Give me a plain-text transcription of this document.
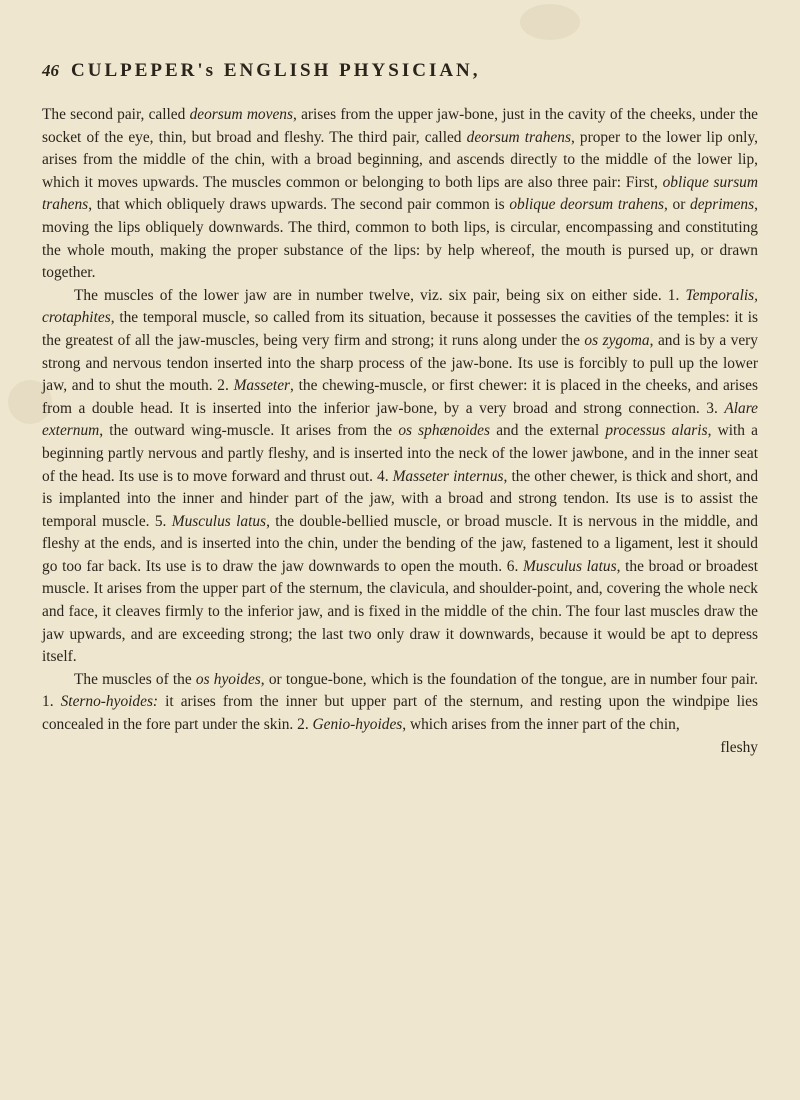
46 CULPEPER's ENGLISH PHYSICIAN,

The second pair, called deorsum movens, arises from the upper jaw-bone, just in the cavity of the cheeks, under the socket of the eye, thin, but broad and fleshy. The third pair, called deorsum trahens, proper to the lower lip only, arises from the middle of the chin, with a broad beginning, and ascends directly to the middle of the lower lip, which it moves upwards. The muscles common or belonging to both lips are also three pair: First, oblique sursum trahens, that which obliquely draws upwards. The second pair common is oblique deorsum trahens, or deprimens, moving the lips obliquely downwards. The third, common to both lips, is circular, encompassing and constituting the whole mouth, making the proper substance of the lips: by help whereof, the mouth is pursed up, or drawn together.

The muscles of the lower jaw are in number twelve, viz. six pair, being six on either side. 1. Temporalis, crotaphites, the temporal muscle, so called from its situation, because it possesses the cavities of the temples: it is the greatest of all the jaw-muscles, being very firm and strong; it runs along under the os zygoma, and is by a very strong and nervous tendon inserted into the sharp process of the jaw-bone. Its use is forcibly to pull up the lower jaw, and to shut the mouth. 2. Masseter, the chewing-muscle, or first chewer: it is placed in the cheeks, and arises from a double head. It is inserted into the inferior jaw-bone, by a very broad and strong connection. 3. Alare externum, the outward wing-muscle. It arises from the os sphænoides and the external processus alaris, with a beginning partly nervous and partly fleshy, and is inserted into the neck of the lower jawbone, and in the inner seat of the head. Its use is to move forward and thrust out. 4. Masseter internus, the other chewer, is thick and short, and is implanted into the inner and hinder part of the jaw, with a broad and strong tendon. Its use is to assist the temporal muscle. 5. Musculus latus, the double-bellied muscle, or broad muscle. It is nervous in the middle, and fleshy at the ends, and is inserted into the chin, under the bending of the jaw, fastened to a ligament, lest it should go too far back. Its use is to draw the jaw downwards to open the mouth. 6. Musculus latus, the broad or broadest muscle. It arises from the upper part of the sternum, the clavicula, and shoulder-point, and, covering the whole neck and face, it cleaves firmly to the inferior jaw, and is fixed in the middle of the chin. The four last muscles draw the jaw upwards, and are exceeding strong; the last two only draw it downwards, because it would be apt to depress itself.

The muscles of the os hyoides, or tongue-bone, which is the foundation of the tongue, are in number four pair. 1. Sterno-hyoides: it arises from the inner but upper part of the sternum, and resting upon the windpipe lies concealed in the fore part under the skin. 2. Genio-hyoides, which arises from the inner part of the chin,

fleshy
